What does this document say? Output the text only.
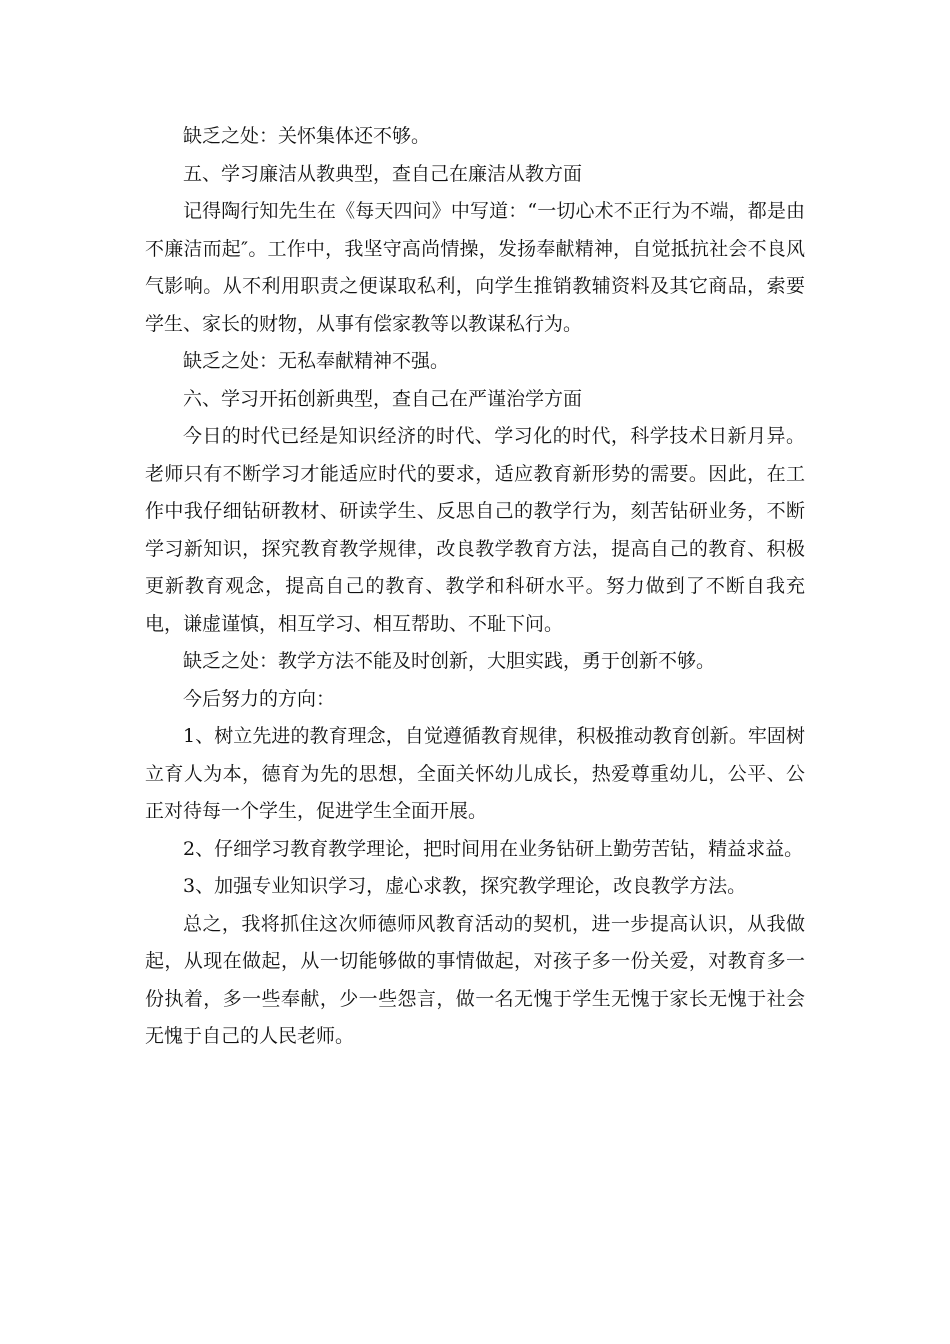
缺乏之处：关怀集体还不够。

五、学习廉洁从教典型，查自己在廉洁从教方面

记得陶行知先生在《每天四问》中写道：“一切心术不正行为不端，都是由不廉洁而起″。工作中，我坚守高尚情操，发扬奉献精神，自觉抵抗社会不良风气影响。从不利用职责之便谋取私利，向学生推销教辅资料及其它商品，索要学生、家长的财物，从事有偿家教等以教谋私行为。

缺乏之处：无私奉献精神不强。

六、学习开拓创新典型，查自己在严谨治学方面

今日的时代已经是知识经济的时代、学习化的时代，科学技术日新月异。老师只有不断学习才能适应时代的要求，适应教育新形势的需要。因此，在工作中我仔细钻研教材、研读学生、反思自己的教学行为，刻苦钻研业务，不断学习新知识，探究教育教学规律，改良教学教育方法，提高自己的教育、积极更新教育观念，提高自己的教育、教学和科研水平。努力做到了不断自我充电，谦虚谨慎，相互学习、相互帮助、不耻下问。

缺乏之处：教学方法不能及时创新，大胆实践，勇于创新不够。

今后努力的方向：

1、树立先进的教育理念，自觉遵循教育规律，积极推动教育创新。牢固树立育人为本，德育为先的思想，全面关怀幼儿成长，热爱尊重幼儿，公平、公正对待每一个学生，促进学生全面开展。

2、仔细学习教育教学理论，把时间用在业务钻研上勤劳苦钻，精益求益。

3、加强专业知识学习，虚心求教，探究教学理论，改良教学方法。

总之，我将抓住这次师德师风教育活动的契机，进一步提高认识，从我做起，从现在做起，从一切能够做的事情做起，对孩子多一份关爱，对教育多一份执着，多一些奉献，少一些怨言，做一名无愧于学生无愧于家长无愧于社会无愧于自己的人民老师。
